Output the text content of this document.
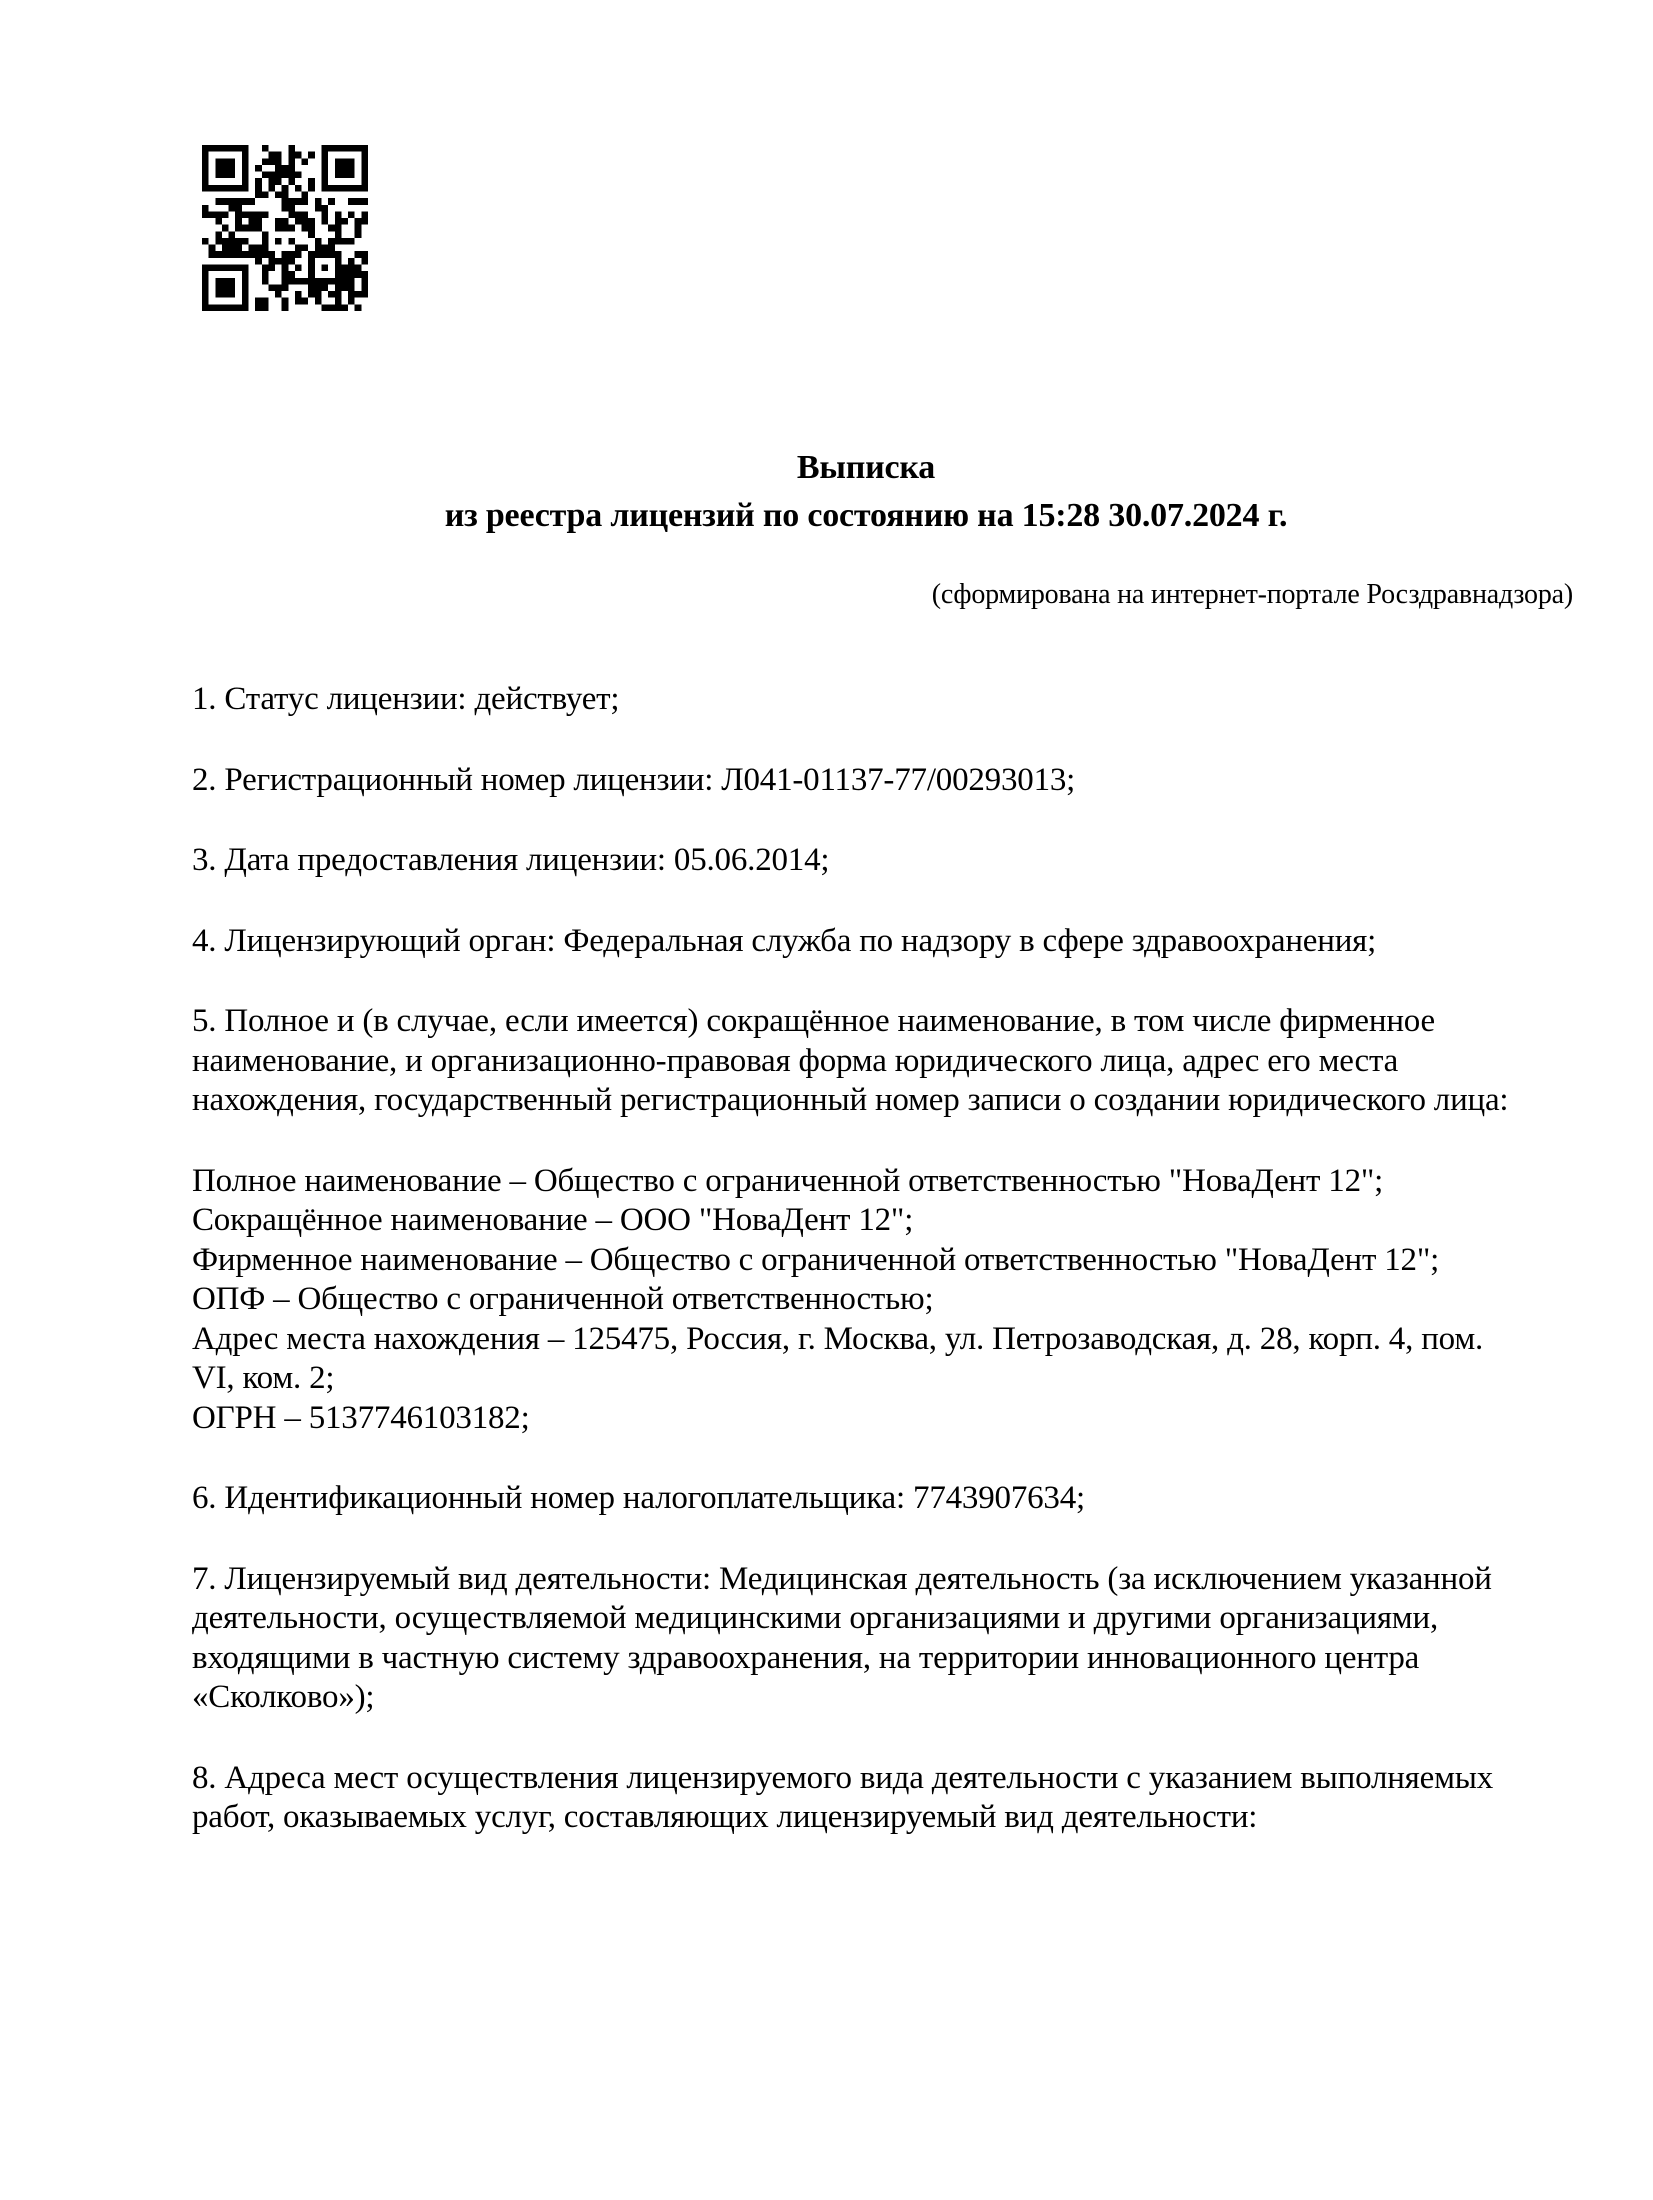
Выписка
из реестра лицензий по состоянию на 15:28 30.07.2024 г.
(сформирована на интернет-портале Росздравнадзора)
1. Статус лицензии: действует;
2. Регистрационный номер лицензии: Л041-01137-77/00293013;
3. Дата предоставления лицензии: 05.06.2014;
4. Лицензирующий орган: Федеральная служба по надзору в сфере здравоохранения;
5. Полное и (в случае, если имеется) сокращённое наименование, в том числе фирменное
наименование, и организационно-правовая форма юридического лица, адрес его места
нахождения, государственный регистрационный номер записи о создании юридического лица:
Полное наименование – Общество с ограниченной ответственностью "НоваДент 12";
Сокращённое наименование – ООО "НоваДент 12";
Фирменное наименование – Общество с ограниченной ответственностью "НоваДент 12";
ОПФ – Общество с ограниченной ответственностью;
Адрес места нахождения – 125475, Россия, г. Москва, ул. Петрозаводская, д. 28, корп. 4, пом.
VI, ком. 2;
ОГРН – 5137746103182;
6. Идентификационный номер налогоплательщика: 7743907634;
7. Лицензируемый вид деятельности: Медицинская деятельность (за исключением указанной
деятельности, осуществляемой медицинскими организациями и другими организациями,
входящими в частную систему здравоохранения, на территории инновационного центра
«Сколково»);
8. Адреса мест осуществления лицензируемого вида деятельности с указанием выполняемых
работ, оказываемых услуг, составляющих лицензируемый вид деятельности:
